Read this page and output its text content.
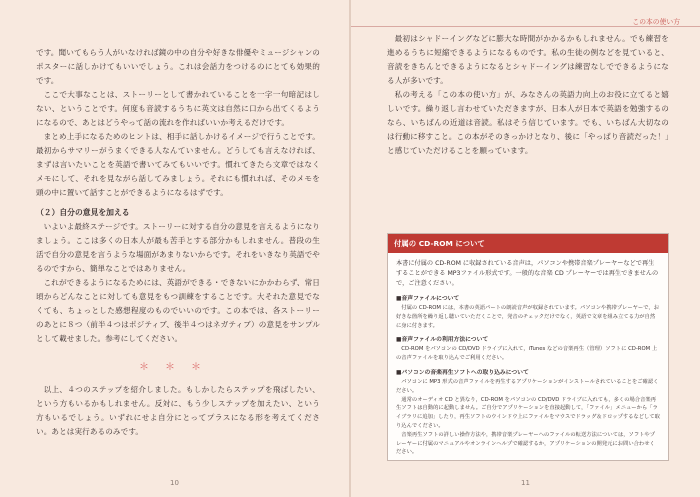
です。聞いてもらう人がいなければ鏡の中の自分や好きな俳優やミュージシャンのポスターに話しかけてもいいでしょう。これは会話力をつけるのにとても効果的です。

ここで大事なことは、ストーリーとして書かれていることを一字一句暗記はしない、ということです。何度も音読するうちに英文は自然に口から出てくるようになるので、あとはどうやって話の流れを作ればいいか考えるだけです。

まとめ上手になるためのヒントは、相手に話しかけるイメージで行うことです。最初からサマリーがうまくできる人なんていません。どうしても言えなければ、まずは言いたいことを英語で書いてみてもいいです。慣れてきたら文章ではなくメモにして、それを見ながら話してみましょう。それにも慣れれば、そのメモを頭の中に置いて話すことができるようになるはずです。

（２）自分の意見を加える

いよいよ最終ステージです。ストーリーに対する自分の意見を言えるようになりましょう。ここは多くの日本人が最も苦手とする部分かもしれません。普段の生活で自分の意見を言うような場面があまりないからです。それをいきなり英語でやるのですから、簡単なことではありません。

これができるようになるためには、英語ができる・できないにかかわらず、常日頃からどんなことに対しても意見をもつ訓練をすることです。大それた意見でなくても、ちょっとした感想程度のものでいいのです。この本では、各ストーリーのあとに８つ（前半４つはポジティブ、後半４つはネガティブ）の意見をサンプルとして載せました。参考にしてください。

＊＊＊

以上、４つのステップを紹介しました。もしかしたらステップを飛ばしたい、という方もいるかもしれません。反対に、もう少しステップを加えたい、という方もいるでしょう。いずれにせよ自分にとってプラスになる形を考えてください。あとは実行あるのみです。

10
この本の使い方

最初はシャドーイングなどに膨大な時間がかかるかもしれません。でも練習を進めるうちに短縮できるようになるものです。私の生徒の例などを見ていると、音読をきちんとできるようになるとシャドーイングは練習なしでできるようになる人が多いです。

私の考える「この本の使い方」が、みなさんの英語力向上のお役に立てると嬉しいです。繰り返し言わせていただきますが、日本人が日本で英語を勉強するのなら、いちばんの近道は音読。私はそう信じています。でも、いちばん大切なのは行動に移すこと。この本がそのきっかけとなり、後に「やっぱり音読だった！」と感じていただけることを願っています。

付属の CD-ROM について

本書に付属の CD-ROM に収録されている音声は，パソコンや携帯音楽プレーヤーなどで再生することができる MP3ファイル形式です。一般的な音楽 CD プレーヤーでは再生できませんので，ご注意ください。

■音声ファイルについて

付属の CD-ROM には，本書の英語パートの朗読音声が収録されています。パソコンや携帯プレーヤーで，お好きな箇所を繰り返し聴いていただくことで，発音のチェックだけでなく，英語で文章を組み立てる力が自然に身に付きます。

■音声ファイルの利用方法について

CD-ROM をパソコンの CD/DVD ドライブに入れて，iTunes などの音楽再生（管理）ソフトに CD-ROM 上の音声ファイルを取り込んでご利用ください。

■パソコンの音楽再生ソフトへの取り込みについて

パソコンに MP3 形式の音声ファイルを再生するアプリケーションがインストールされていることをご確認ください。

通常のオーディオ CD と異なり，CD-ROM をパソコンの CD/DVD ドライブに入れても，多くの場合音楽再生ソフトは自動的に起動しません。ご自分でアプリケーションを直接起動して，「ファイル」メニューから「ライブラリに追加」したり，再生ソフトのウインドウ上にファイルをマウスでドラッグ＆ドロップするなどして取り込んでください。

音楽再生ソフトの詳しい操作方法や，携帯音楽プレーヤーへのファイルの転送方法については，ソフトやプレーヤーに付属のマニュアルやオンラインヘルプで確認するか，アプリケーションの開発元にお問い合わせください。

11
